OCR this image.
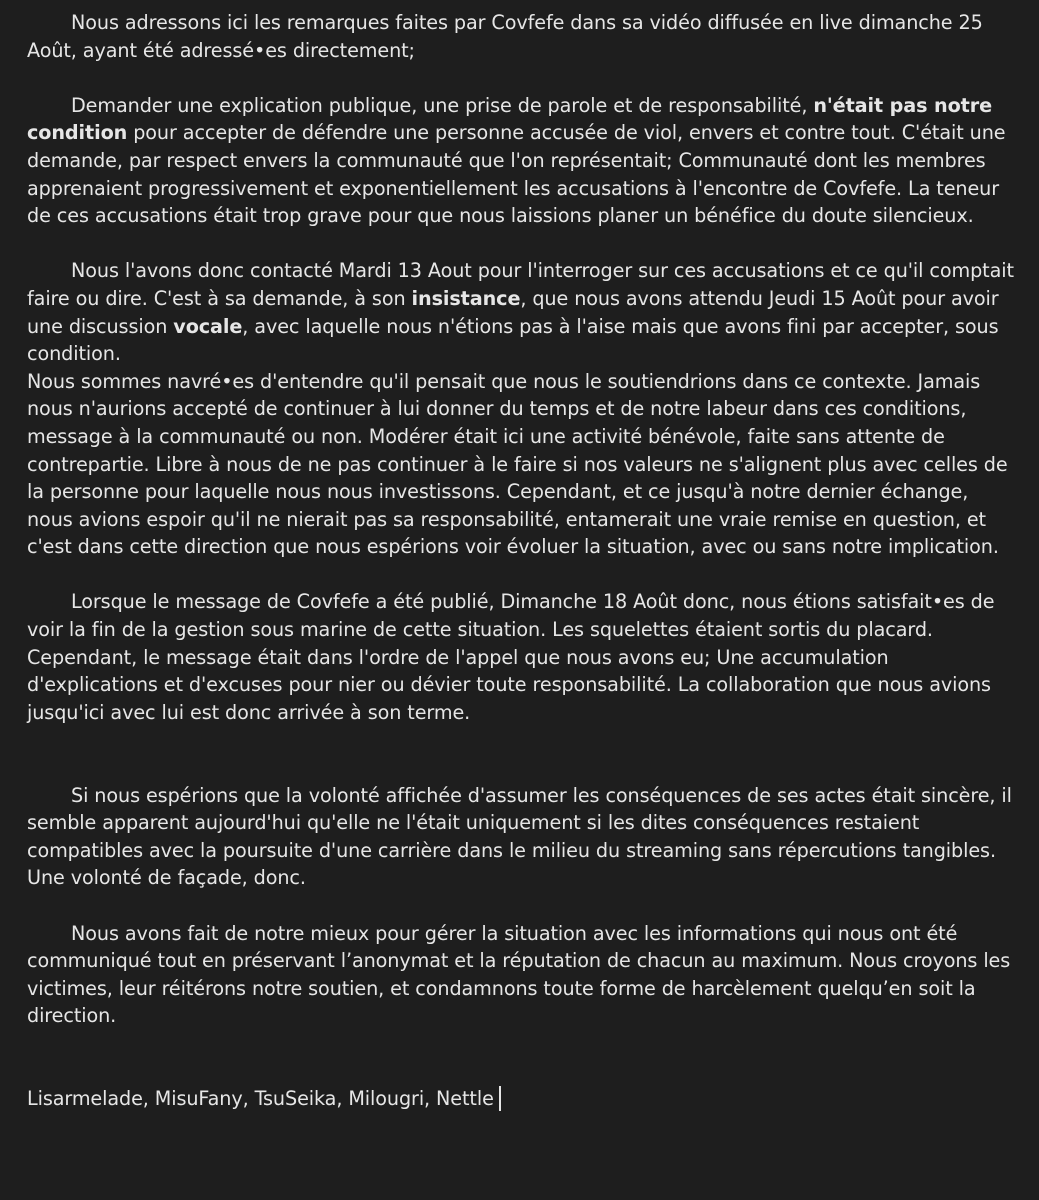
Nous adressons ici les remarques faites par Covfefe dans sa vidéo diffusée en live dimanche 25 Août, ayant été adressé•es directement;

Demander une explication publique, une prise de parole et de responsabilité, n'était pas notre condition pour accepter de défendre une personne accusée de viol, envers et contre tout. C'était une demande, par respect envers la communauté que l'on représentait; Communauté dont les membres apprenaient progressivement et exponentiellement les accusations à l'encontre de Covfefe. La teneur de ces accusations était trop grave pour que nous laissions planer un bénéfice du doute silencieux.

Nous l'avons donc contacté Mardi 13 Aout pour l'interroger sur ces accusations et ce qu'il comptait faire ou dire. C'est à sa demande, à son insistance, que nous avons attendu Jeudi 15 Août pour avoir une discussion vocale, avec laquelle nous n'étions pas à l'aise mais que avons fini par accepter, sous condition.

Nous sommes navré•es d'entendre qu'il pensait que nous le soutiendrions dans ce contexte. Jamais nous n'aurions accepté de continuer à lui donner du temps et de notre labeur dans ces conditions, message à la communauté ou non. Modérer était ici une activité bénévole, faite sans attente de contrepartie. Libre à nous de ne pas continuer à le faire si nos valeurs ne s'alignent plus avec celles de la personne pour laquelle nous nous investissons. Cependant, et ce jusqu'à notre dernier échange, nous avions espoir qu'il ne nierait pas sa responsabilité, entamerait une vraie remise en question, et c'est dans cette direction que nous espérions voir évoluer la situation, avec ou sans notre implication.

Lorsque le message de Covfefe a été publié, Dimanche 18 Août donc, nous étions satisfait•es de voir la fin de la gestion sous marine de cette situation. Les squelettes étaient sortis du placard. Cependant, le message était dans l'ordre de l'appel que nous avons eu; Une accumulation d'explications et d'excuses pour nier ou dévier toute responsabilité. La collaboration que nous avions jusqu'ici avec lui est donc arrivée à son terme.

Si nous espérions que la volonté affichée d'assumer les conséquences de ses actes était sincère, il semble apparent aujourd'hui qu'elle ne l'était uniquement si les dites conséquences restaient compatibles avec la poursuite d'une carrière dans le milieu du streaming sans répercutions tangibles. Une volonté de façade, donc.

Nous avons fait de notre mieux pour gérer la situation avec les informations qui nous ont été communiqué tout en préservant l’anonymat et la réputation de chacun au maximum. Nous croyons les victimes, leur réitérons notre soutien, et condamnons toute forme de harcèlement quelqu’en soit la direction.

Lisarmelade, MisuFany, TsuSeika, Milougri, Nettle
